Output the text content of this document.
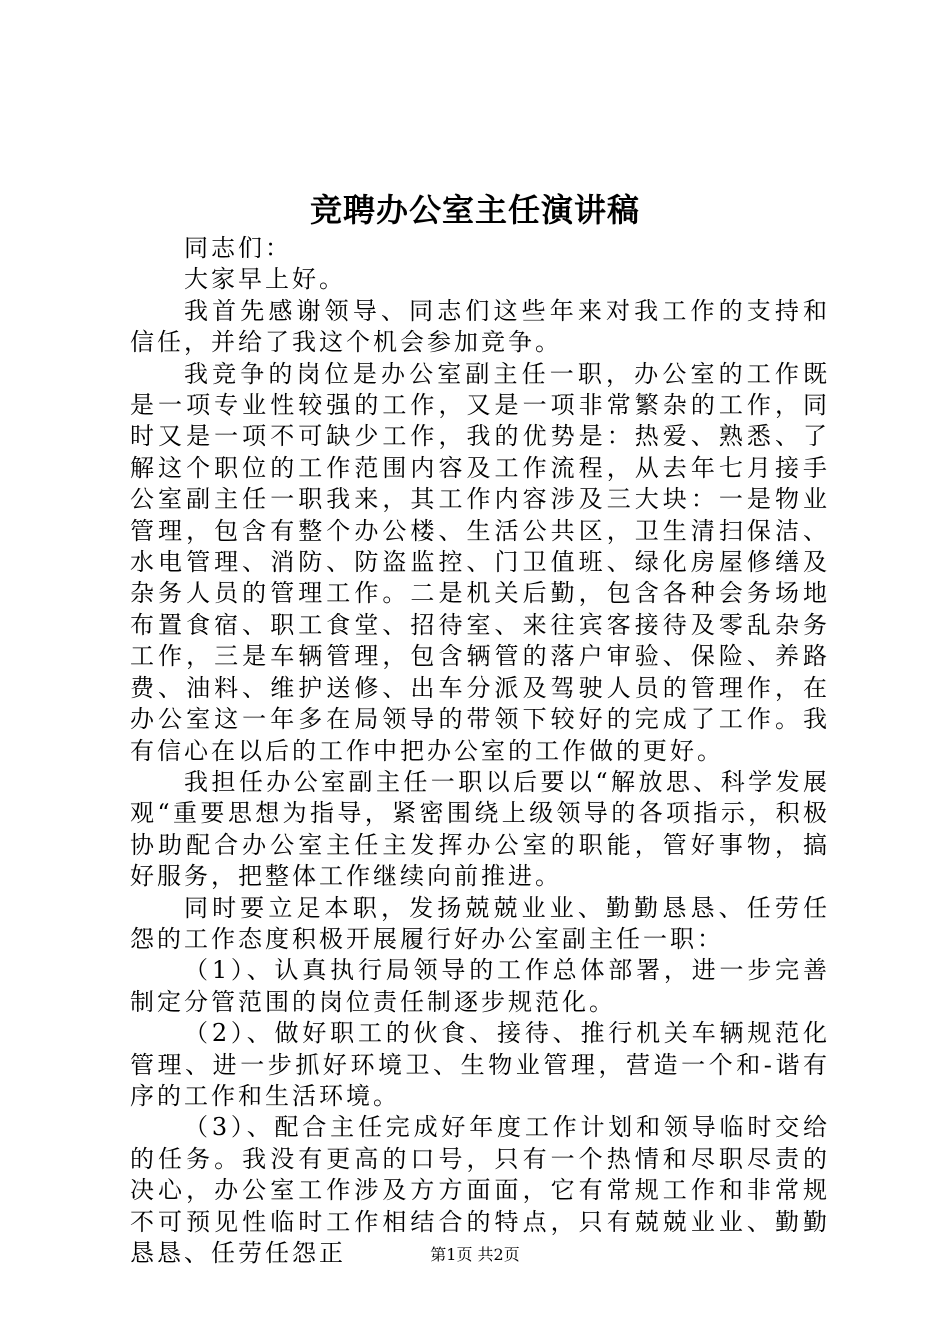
竞聘办公室主任演讲稿

同志们：

大家早上好。

我首先感谢领导、同志们这些年来对我工作的支持和信任，并给了我这个机会参加竞争。

我竞争的岗位是办公室副主任一职，办公室的工作既是一项专业性较强的工作，又是一项非常繁杂的工作，同时又是一项不可缺少工作，我的优势是：热爱、熟悉、了解这个职位的工作范围内容及工作流程，从去年七月接手公室副主任一职我来，其工作内容涉及三大块：一是物业管理，包含有整个办公楼、生活公共区，卫生清扫保洁、水电管理、消防、防盗监控、门卫值班、绿化房屋修缮及杂务人员的管理工作。二是机关后勤，包含各种会务场地布置食宿、职工食堂、招待室、来往宾客接待及零乱杂务工作，三是车辆管理，包含辆管的落户审验、保险、养路费、油料、维护送修、出车分派及驾驶人员的管理作，在办公室这一年多在局领导的带领下较好的完成了工作。我有信心在以后的工作中把办公室的工作做的更好。

我担任办公室副主任一职以后要以“解放思、科学发展观“重要思想为指导，紧密围绕上级领导的各项指示，积极协助配合办公室主任主发挥办公室的职能，管好事物，搞好服务，把整体工作继续向前推进。

同时要立足本职，发扬兢兢业业、勤勤恳恳、任劳任怨的工作态度积极开展履行好办公室副主任一职：

（1）、认真执行局领导的工作总体部署，进一步完善制定分管范围的岗位责任制逐步规范化。

（2）、做好职工的伙食、接待、推行机关车辆规范化管理、进一步抓好环境卫、生物业管理，营造一个和-谐有序的工作和生活环境。

（3）、配合主任完成好年度工作计划和领导临时交给的任务。我没有更高的口号，只有一个热情和尽职尽责的决心，办公室工作涉及方方面面，它有常规工作和非常规不可预见性临时工作相结合的特点，只有兢兢业业、勤勤恳恳、任劳任怨正	第1页 共2页
